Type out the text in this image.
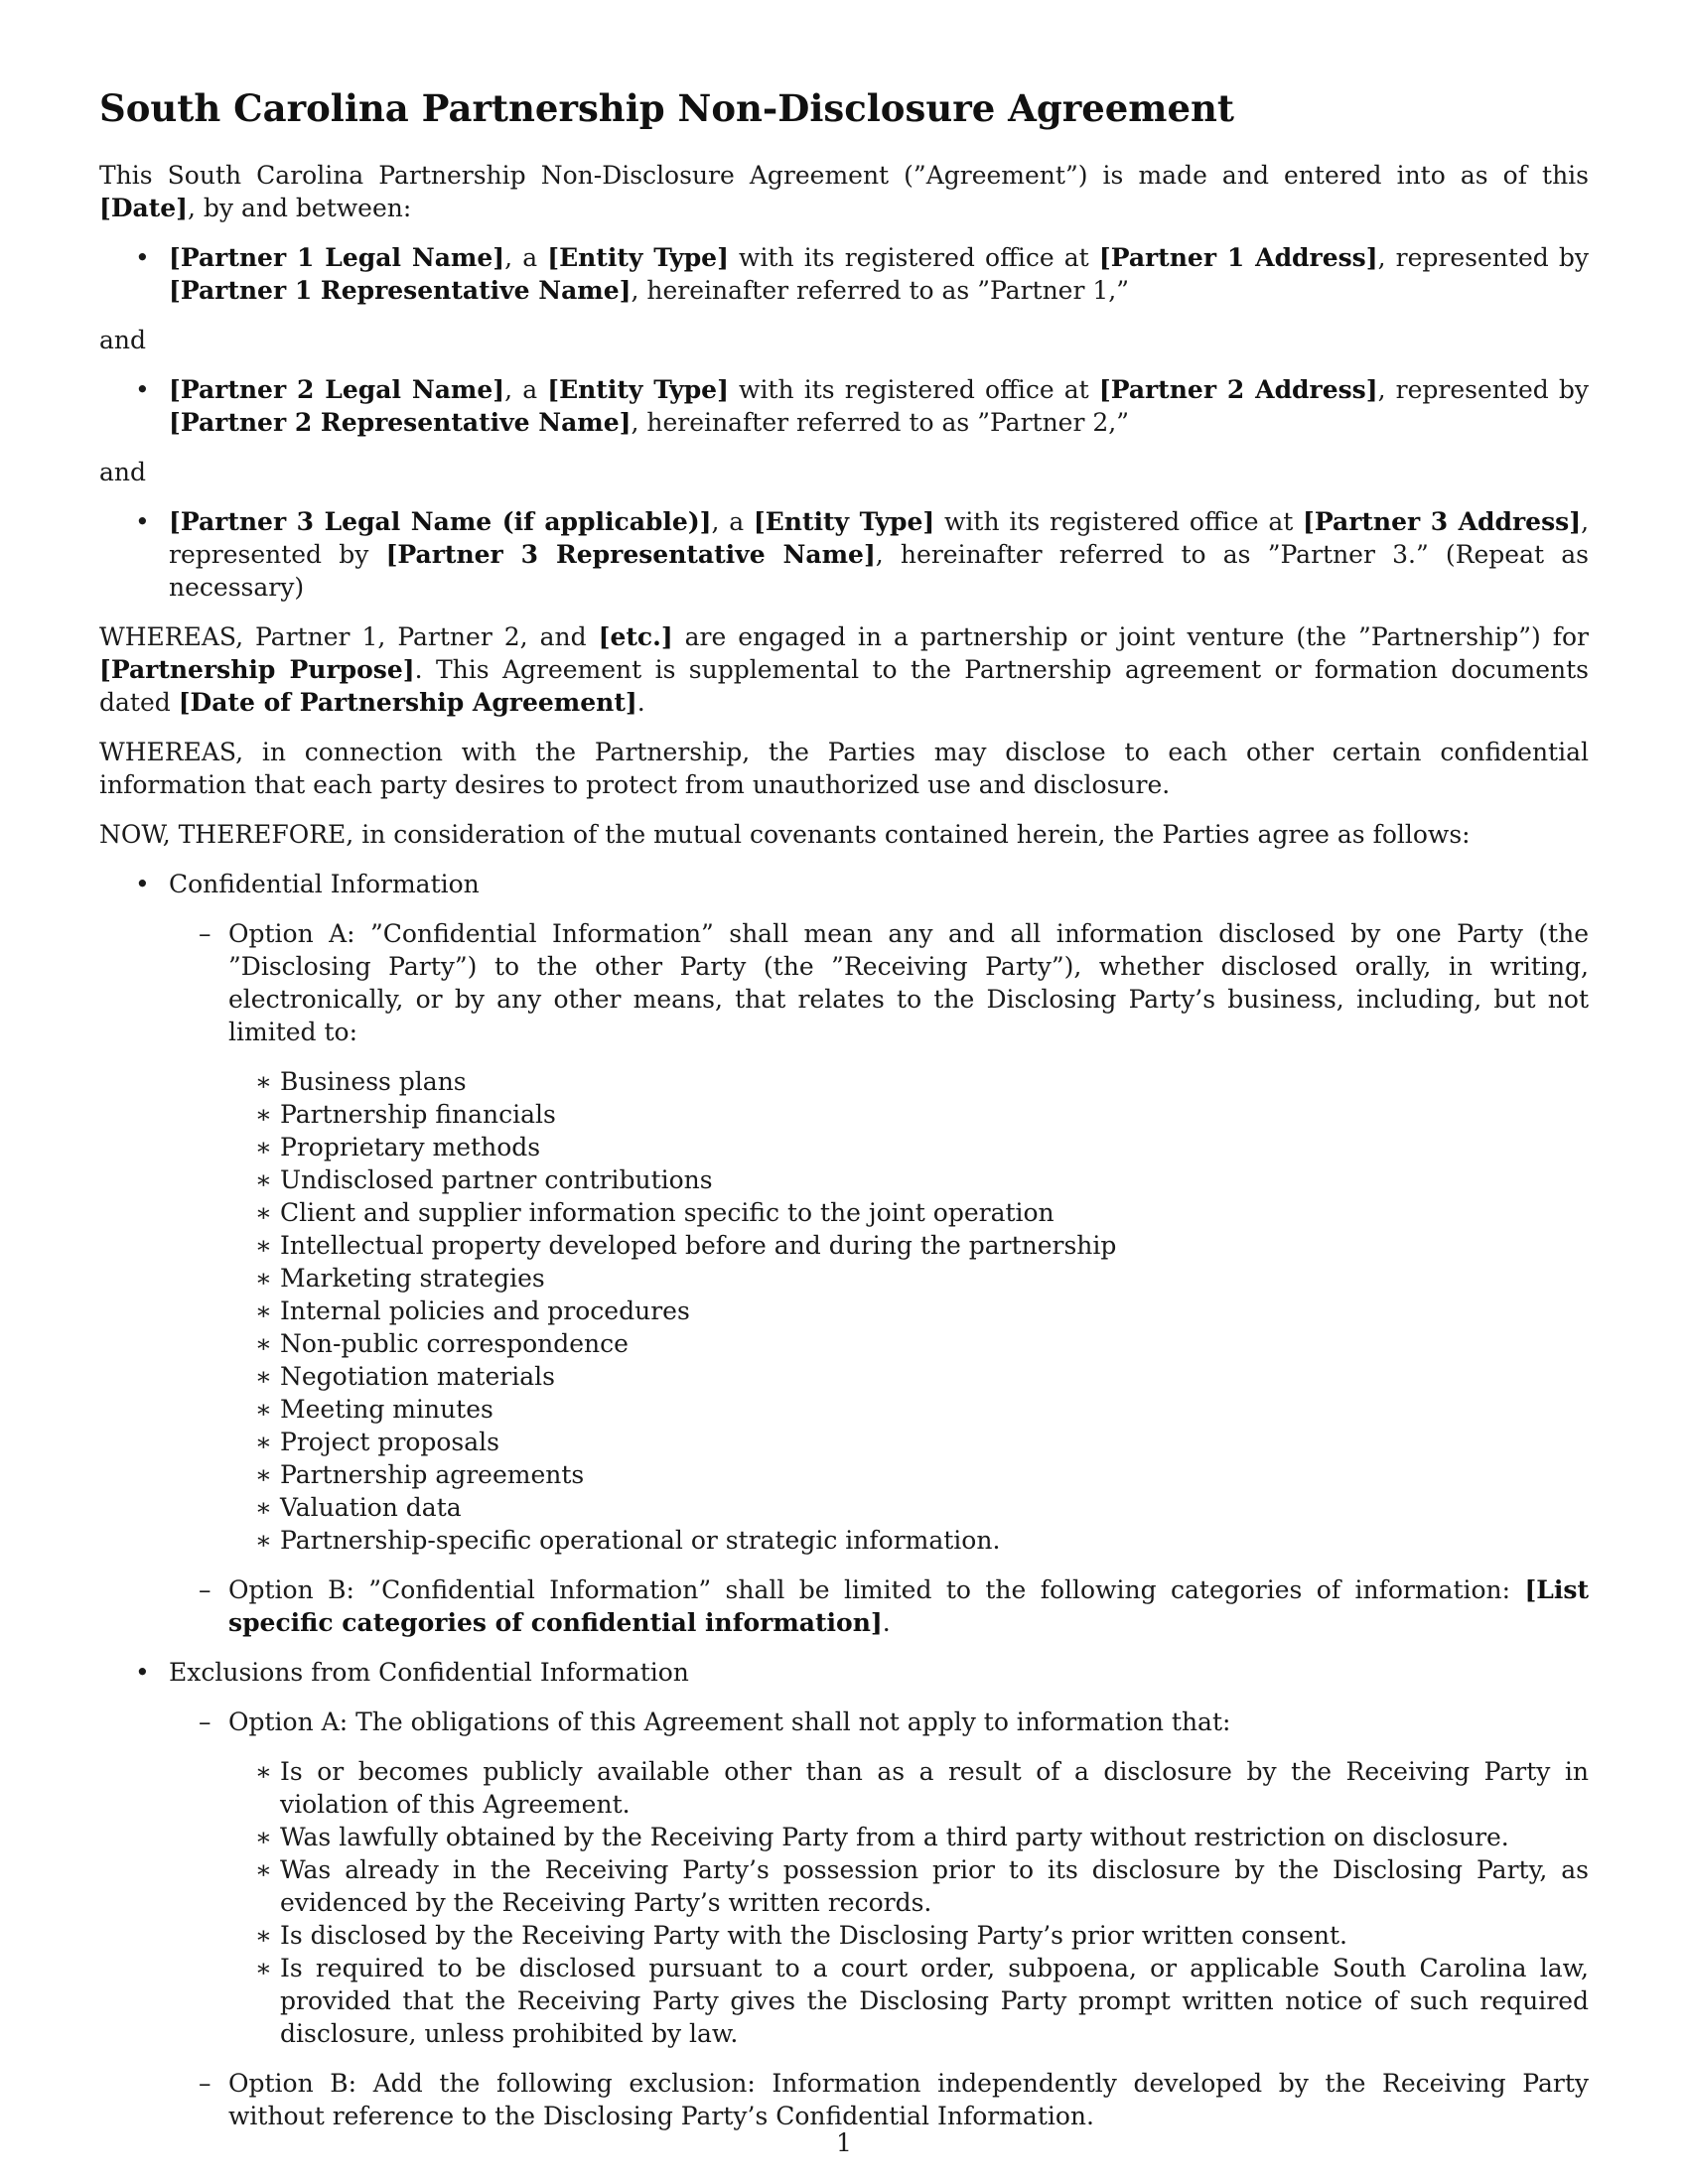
South Carolina Partnership Non-Disclosure Agreement

This South Carolina Partnership Non-Disclosure Agreement (”Agreement”) is made and entered into as of this [Date], by and between:

• [Partner 1 Legal Name], a [Entity Type] with its registered office at [Partner 1 Address], represented by [Partner 1 Representative Name], hereinafter referred to as ”Partner 1,”
and
• [Partner 2 Legal Name], a [Entity Type] with its registered office at [Partner 2 Address], represented by [Partner 2 Representative Name], hereinafter referred to as ”Partner 2,”
and
• [Partner 3 Legal Name (if applicable)], a [Entity Type] with its registered office at [Partner 3 Address], represented by [Partner 3 Representative Name], hereinafter referred to as ”Partner 3.” (Repeat as necessary)

WHEREAS, Partner 1, Partner 2, and [etc.] are engaged in a partnership or joint venture (the ”Partnership”) for [Partnership Purpose]. This Agreement is supplemental to the Partnership agreement or formation documents dated [Date of Partnership Agreement].

WHEREAS, in connection with the Partnership, the Parties may disclose to each other certain confidential information that each party desires to protect from unauthorized use and disclosure.

NOW, THEREFORE, in consideration of the mutual covenants contained herein, the Parties agree as follows:

• Confidential Information
– Option A: ”Confidential Information” shall mean any and all information disclosed by one Party (the ”Disclosing Party”) to the other Party (the ”Receiving Party”), whether disclosed orally, in writing, electronically, or by any other means, that relates to the Disclosing Party’s business, including, but not limited to:
∗ Business plans
∗ Partnership financials
∗ Proprietary methods
∗ Undisclosed partner contributions
∗ Client and supplier information specific to the joint operation
∗ Intellectual property developed before and during the partnership
∗ Marketing strategies
∗ Internal policies and procedures
∗ Non-public correspondence
∗ Negotiation materials
∗ Meeting minutes
∗ Project proposals
∗ Partnership agreements
∗ Valuation data
∗ Partnership-specific operational or strategic information.
– Option B: ”Confidential Information” shall be limited to the following categories of information: [List specific categories of confidential information].
• Exclusions from Confidential Information
– Option A: The obligations of this Agreement shall not apply to information that:
∗ Is or becomes publicly available other than as a result of a disclosure by the Receiving Party in violation of this Agreement.
∗ Was lawfully obtained by the Receiving Party from a third party without restriction on disclosure.
∗ Was already in the Receiving Party’s possession prior to its disclosure by the Disclosing Party, as evidenced by the Receiving Party’s written records.
∗ Is disclosed by the Receiving Party with the Disclosing Party’s prior written consent.
∗ Is required to be disclosed pursuant to a court order, subpoena, or applicable South Carolina law, provided that the Receiving Party gives the Disclosing Party prompt written notice of such required disclosure, unless prohibited by law.
– Option B: Add the following exclusion: Information independently developed by the Receiving Party without reference to the Disclosing Party’s Confidential Information.
1
